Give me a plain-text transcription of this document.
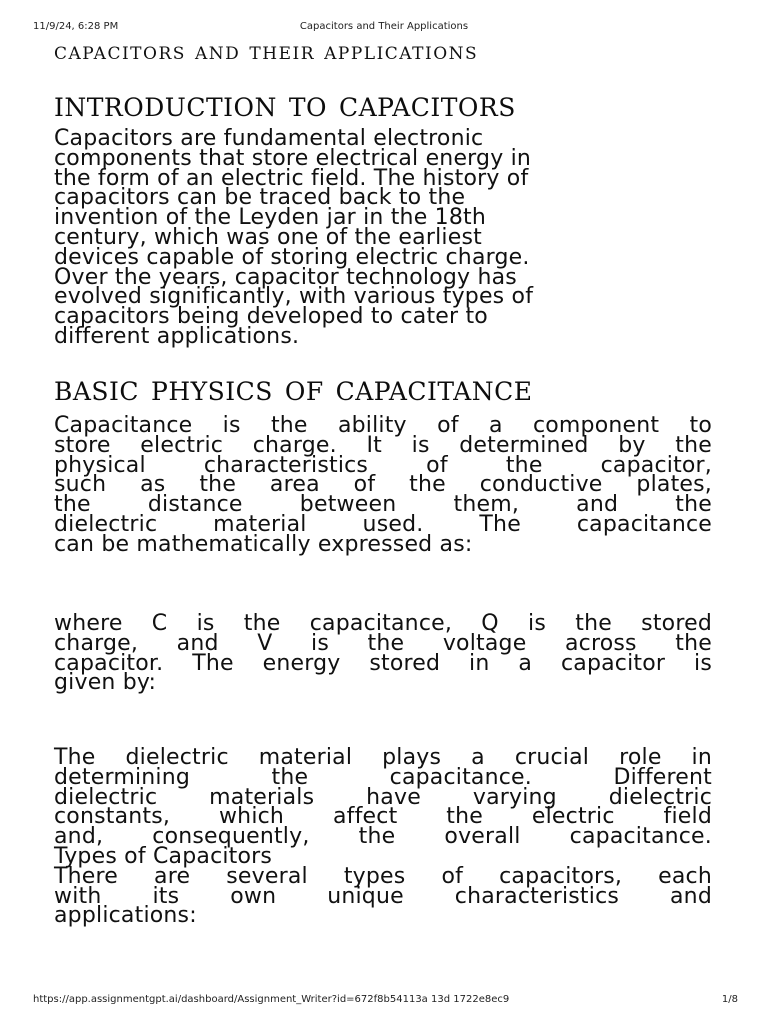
11/9/24, 6:28 PM	Capacitors and Their Applications
capacitors and their applications
introduction to capacitors
Capacitors are fundamental electronic
components that store electrical energy in
the form of an electric field. The history of
capacitors can be traced back to the
invention of the Leyden jar in the 18th
century, which was one of the earliest
devices capable of storing electric charge.
Over the years, capacitor technology has
evolved significantly, with various types of
capacitors being developed to cater to
different applications.
basic physics of capacitance
Capacitance is the ability of a component to
store electric charge. It is determined by the
physical characteristics of the capacitor,
such as the area of the conductive plates,
the distance between them, and the
dielectric material used. The capacitance
can be mathematically expressed as:
where C is the capacitance, Q is the stored
charge, and V is the voltage across the
capacitor. The energy stored in a capacitor is
given by:
The dielectric material plays a crucial role in
determining the capacitance. Different
dielectric materials have varying dielectric
constants, which affect the electric field
and, consequently, the overall capacitance.
Types of Capacitors
There are several types of capacitors, each
with its own unique characteristics and
applications:
https://app.assignmentgpt.ai/dashboard/Assignment_Writer?id=672f8b54113a 13d 1722e8ec9	1/8
